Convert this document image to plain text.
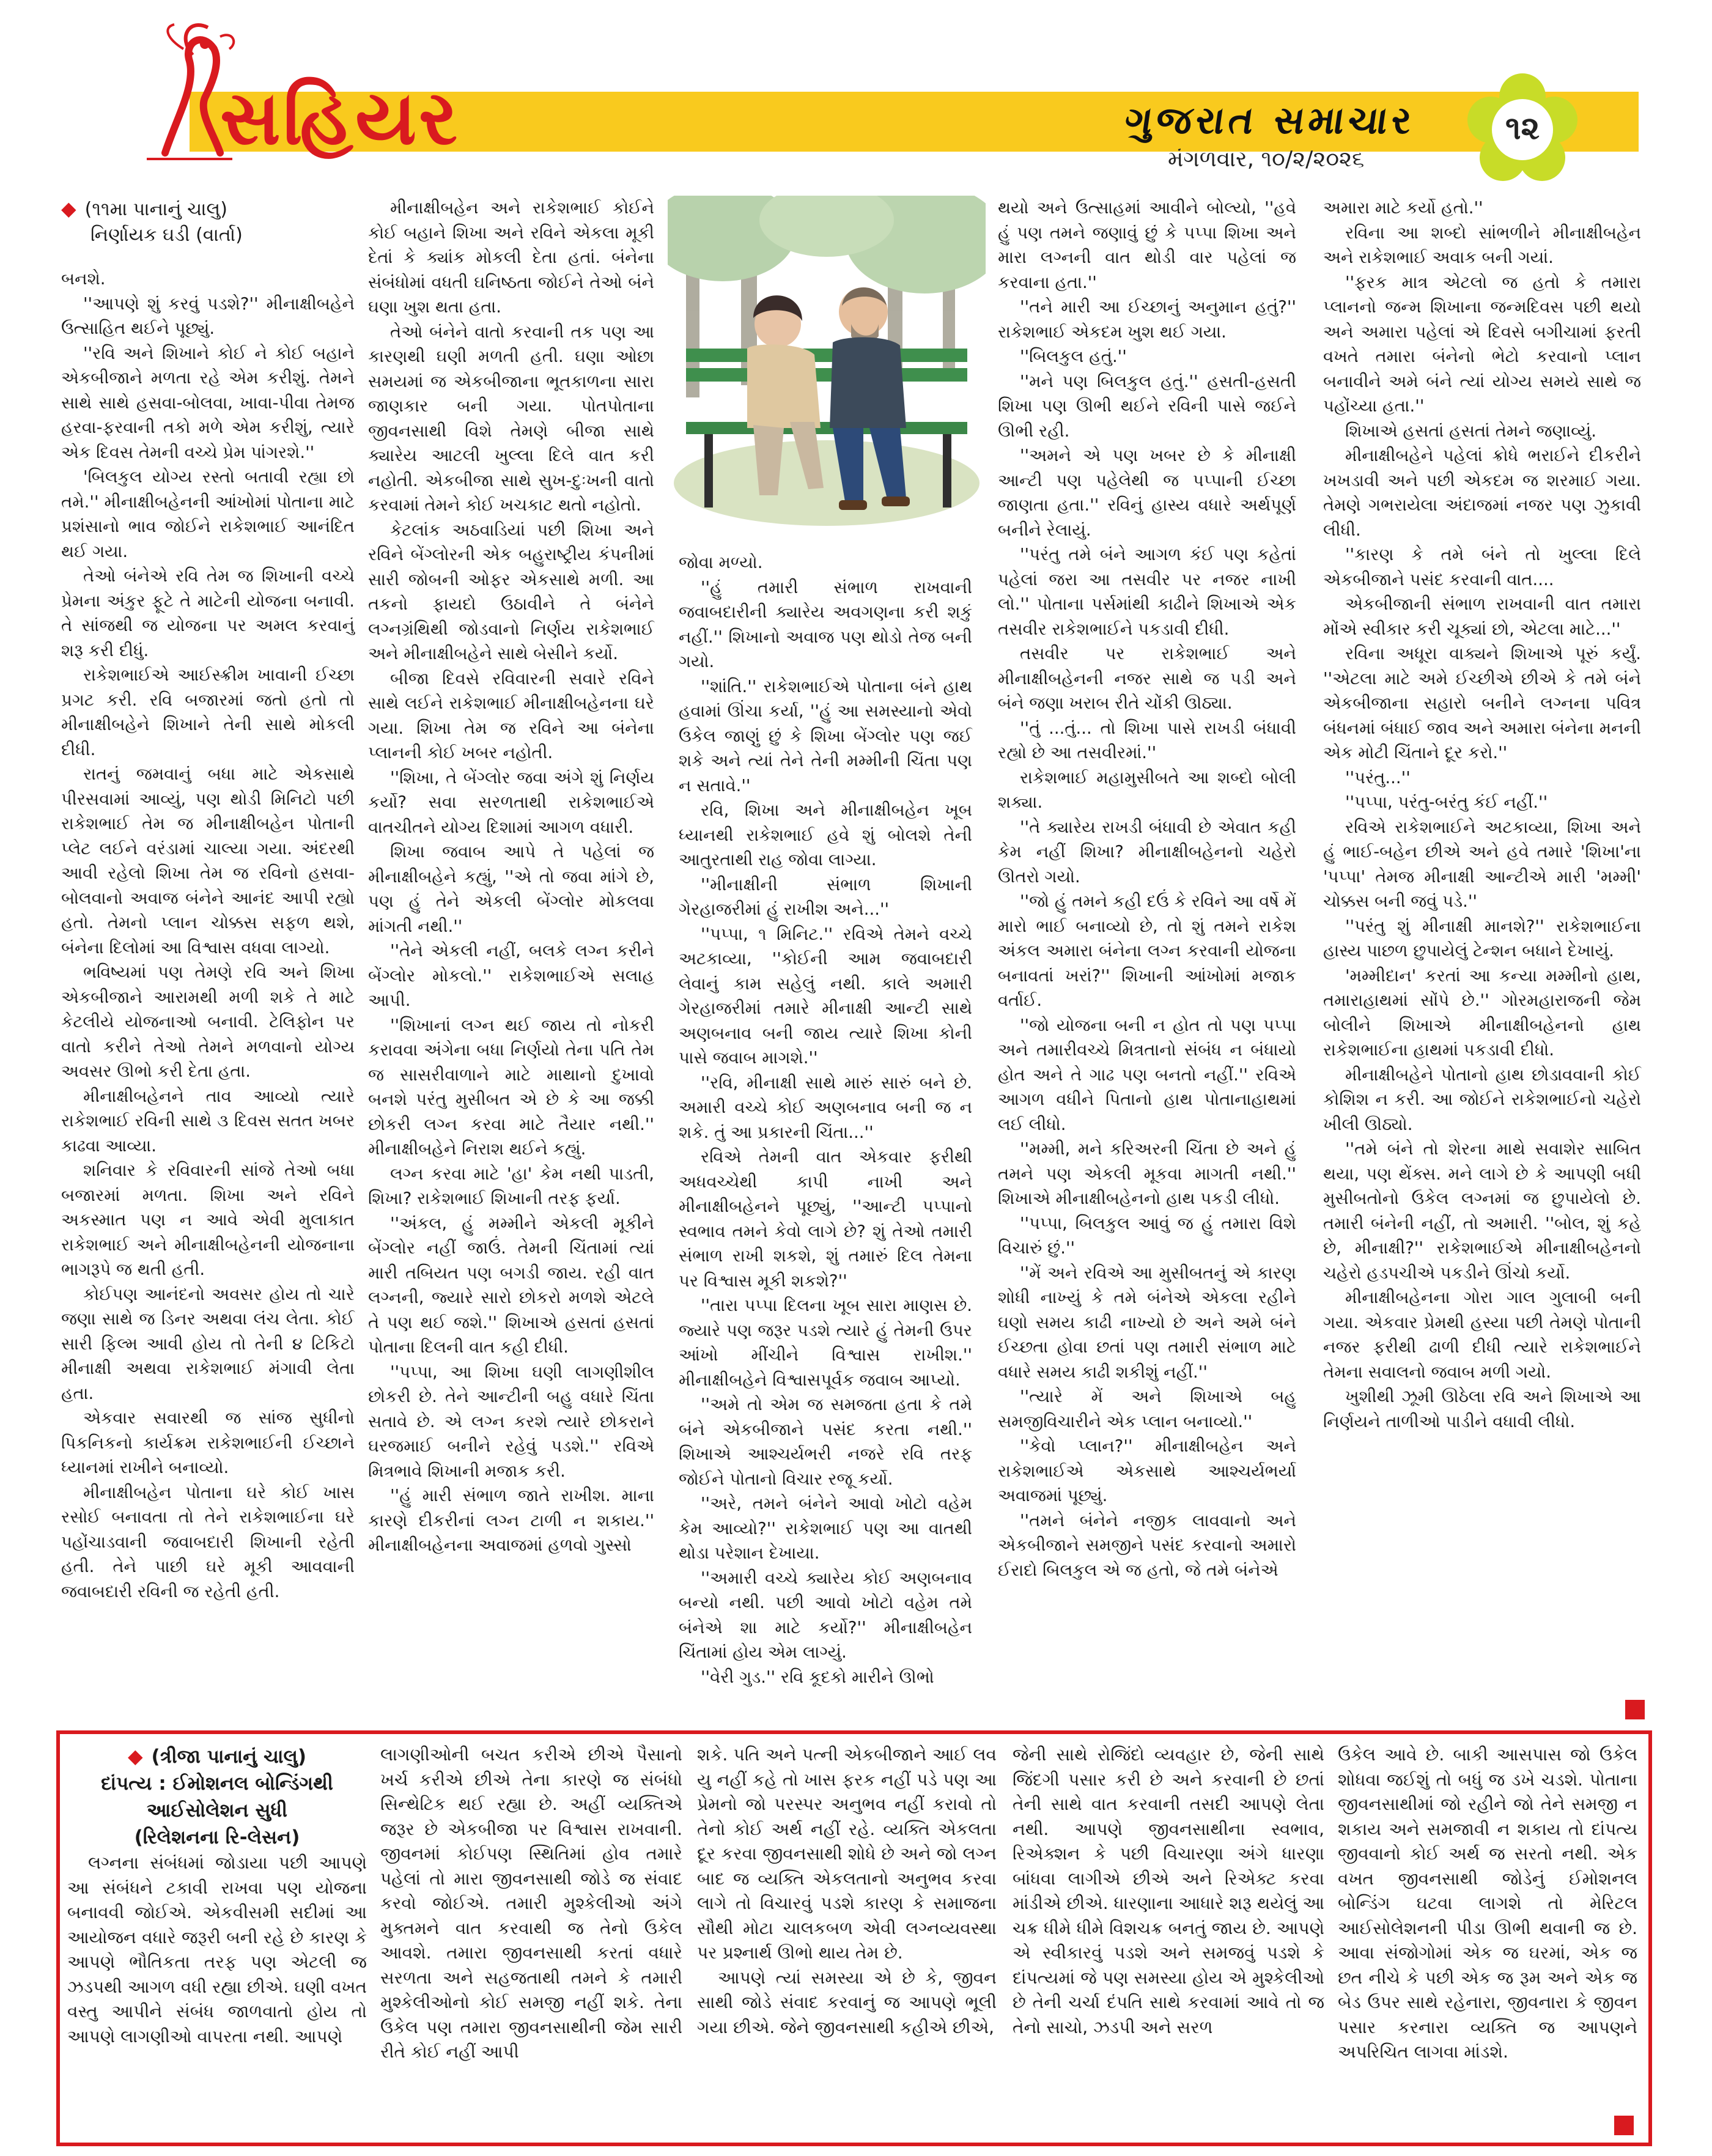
સહિયર	ગુજરાત સમાચાર
મંગળવાર, ૧૦/૨/૨૦૨૬
૧૨

◆ (૧૧મા પાનાનું ચાલુ)
નિર્ણાયક ઘડી (વાર્તા)

બનશે.

''આપણે શું કરવું પડશે?'' મીનાક્ષીબહેને ઉત્સાહિત થઈને પૂછ્યું.

''રવિ અને શિખાને કોઈ ને કોઈ બહાને એકબીજાને મળતા રહે એમ કરીશું. તેમને સાથે સાથે હસવા-બોલવા, ખાવા-પીવા તેમજ હરવા-ફરવાની તકો મળે એમ કરીશું, ત્યારે એક દિવસ તેમની વચ્ચે પ્રેમ પાંગરશે.''

'બિલકુલ યોગ્ય રસ્તો બતાવી રહ્યા છો તમે.'' મીનાક્ષીબહેનની આંખોમાં પોતાના માટે પ્રશંસાનો ભાવ જોઈને રાકેશભાઈ આનંદિત થઈ ગયા.

તેઓ બંનેએ રવિ તેમ જ શિખાની વચ્ચે પ્રેમના અંકુર ફૂટે તે માટેની યોજના બનાવી. તે સાંજથી જ યોજના પર અમલ કરવાનું શરૂ કરી દીધું.

રાકેશભાઈએ આઈસ્ક્રીમ ખાવાની ઈચ્છા પ્રગટ કરી. રવિ બજારમાં જતો હતો તો મીનાક્ષીબહેને શિખાને તેની સાથે મોકલી દીધી.

રાતનું જમવાનું બધા માટે એકસાથે પીરસવામાં આવ્યું, પણ થોડી મિનિટો પછી રાકેશભાઈ તેમ જ મીનાક્ષીબહેન પોતાની પ્લેટ લઈને વરંડામાં ચાલ્યા ગયા. અંદરથી આવી રહેલો શિખા તેમ જ રવિનો હસવા-બોલવાનો અવાજ બંનેને આનંદ આપી રહ્યો હતો. તેમનો પ્લાન ચોક્કસ સફળ થશે, બંનેના દિલોમાં આ વિશ્વાસ વધવા લાગ્યો.

ભવિષ્યમાં પણ તેમણે રવિ અને શિખા એકબીજાને આરામથી મળી શકે તે માટે કેટલીયે યોજનાઓ બનાવી. ટેલિફોન પર વાતો કરીને તેઓ તેમને મળવાનો યોગ્ય અવસર ઊભો કરી દેતા હતા.

મીનાક્ષીબહેનને તાવ આવ્યો ત્યારે રાકેશભાઈ રવિની સાથે ૩ દિવસ સતત ખબર કાઢવા આવ્યા.

શનિવાર કે રવિવારની સાંજે તેઓ બધા બજારમાં મળતા. શિખા અને રવિને અકસ્માત પણ ન આવે એવી મુલાકાત રાકેશભાઈ અને મીનાક્ષીબહેનની યોજનાના ભાગરૂપે જ થતી હતી.

કોઈપણ આનંદનો અવસર હોય તો ચારે જણા સાથે જ ડિનર અથવા લંચ લેતા. કોઈ સારી ફિલ્મ આવી હોય તો તેની ૪ ટિકિટો મીનાક્ષી અથવા રાકેશભાઈ મંગાવી લેતા હતા.

એકવાર સવારથી જ સાંજ સુધીનો પિકનિકનો કાર્યક્રમ રાકેશભાઈની ઈચ્છાને ધ્યાનમાં રાખીને બનાવ્યો.

મીનાક્ષીબહેન પોતાના ઘરે કોઈ ખાસ રસોઈ બનાવતા તો તેને રાકેશભાઈના ઘરે પહોંચાડવાની જવાબદારી શિખાની રહેતી હતી. તેને પાછી ઘરે મૂકી આવવાની જવાબદારી રવિની જ રહેતી હતી.

મીનાક્ષીબહેન અને રાકેશભાઈ કોઈને કોઈ બહાને શિખા અને રવિને એકલા મૂકી દેતાં કે ક્યાંક મોકલી દેતા હતાં. બંનેના સંબંધોમાં વધતી ઘનિષ્ઠતા જોઈને તેઓ બંને ઘણા ખુશ થતા હતા.

તેઓ બંનેને વાતો કરવાની તક પણ આ કારણથી ઘણી મળતી હતી. ઘણા ઓછા સમયમાં જ એકબીજાના ભૂતકાળના સારા જાણકાર બની ગયા. પોતપોતાના જીવનસાથી વિશે તેમણે બીજા સાથે ક્યારેય આટલી ખુલ્લા દિલે વાત કરી નહોતી. એકબીજા સાથે સુખ-દુઃખની વાતો કરવામાં તેમને કોઈ ખચકાટ થતો નહોતો.

કેટલાંક અઠવાડિયાં પછી શિખા અને રવિને બેંગ્લોરની એક બહુરાષ્ટ્રીય કંપનીમાં સારી જોબની ઓફર એકસાથે મળી. આ તકનો ફાયદો ઉઠાવીને તે બંનેને લગ્નગ્રંથિથી જોડવાનો નિર્ણય રાકેશભાઈ અને મીનાક્ષીબહેને સાથે બેસીને કર્યો.

બીજા દિવસે રવિવારની સવારે રવિને સાથે લઈને રાકેશભાઈ મીનાક્ષીબહેનના ઘરે ગયા. શિખા તેમ જ રવિને આ બંનેના પ્લાનની કોઈ ખબર નહોતી.

''શિખા, તે બેંગ્લોર જવા અંગે શું નિર્ણય કર્યો? સવા સરળતાથી રાકેશભાઈએ વાતચીતને યોગ્ય દિશામાં આગળ વધારી.

શિખા જવાબ આપે તે પહેલાં જ મીનાક્ષીબહેને કહ્યું, ''એ તો જવા માંગે છે, પણ હું તેને એકલી બેંગ્લોર મોકલવા માંગતી નથી.''

''તેને એકલી નહીં, બલકે લગ્ન કરીને બેંગ્લોર મોકલો.'' રાકેશભાઈએ સલાહ આપી.

''શિખાનાં લગ્ન થઈ જાય તો નોકરી કરાવવા અંગેના બધા નિર્ણયો તેના પતિ તેમ જ સાસરીવાળાને માટે માથાનો દુખાવો બનશે પરંતુ મુસીબત એ છે કે આ જક્કી છોકરી લગ્ન કરવા માટે તૈયાર નથી.'' મીનાક્ષીબહેને નિરાશ થઈને કહ્યું.

લગ્ન કરવા માટે 'હા' કેમ નથી પાડતી, શિખા? રાકેશભાઈ શિખાની તરફ ફર્યા.

''અંકલ, હું મમ્મીને એકલી મૂકીને બેંગ્લોર નહીં જાઉં. તેમની ચિંતામાં ત્યાં મારી તબિયત પણ બગડી જાય. રહી વાત લગ્નની, જ્યારે સારો છોકરો મળશે એટલે તે પણ થઈ જશે.'' શિખાએ હસતાં હસતાં પોતાના દિલની વાત કહી દીધી.

''પપ્પા, આ શિખા ઘણી લાગણીશીલ છોકરી છે. તેને આન્ટીની બહુ વધારે ચિંતા સતાવે છે. એ લગ્ન કરશે ત્યારે છોકરાને ઘરજમાઈ બનીને રહેવું પડશે.'' રવિએ મિત્રભાવે શિખાની મજાક કરી.

''હું મારી સંભાળ જાતે રાખીશ. માના કારણે દીકરીનાં લગ્ન ટાળી ન શકાય.'' મીનાક્ષીબહેનના અવાજમાં હળવો ગુસ્સો

જોવા મળ્યો.

''હું તમારી સંભાળ રાખવાની જવાબદારીની ક્યારેય અવગણના કરી શકું નહીં.'' શિખાનો અવાજ પણ થોડો તેજ બની ગયો.

''શાંતિ.'' રાકેશભાઈએ પોતાના બંને હાથ હવામાં ઊંચા કર્યા, ''હું આ સમસ્યાનો એવો ઉકેલ જાણું છું કે શિખા બેંગ્લોર પણ જઈ શકે અને ત્યાં તેને તેની મમ્મીની ચિંતા પણ ન સતાવે.''

રવિ, શિખા અને મીનાક્ષીબહેન ખૂબ ધ્યાનથી રાકેશભાઈ હવે શું બોલશે તેની આતુરતાથી રાહ જોવા લાગ્યા.

''મીનાક્ષીની સંભાળ શિખાની ગેરહાજરીમાં હું રાખીશ અને...''

''પપ્પા, ૧ મિનિટ.'' રવિએ તેમને વચ્ચે અટકાવ્યા, ''કોઈની આમ જવાબદારી લેવાનું કામ સહેલું નથી. કાલે અમારી ગેરહાજરીમાં તમારે મીનાક્ષી આન્ટી સાથે અણબનાવ બની જાય ત્યારે શિખા કોની પાસે જવાબ માગશે.''

''રવિ, મીનાક્ષી સાથે મારું સારું બને છે. અમારી વચ્ચે કોઈ અણબનાવ બની જ ન શકે. તું આ પ્રકારની ચિંતા...''

રવિએ તેમની વાત એકવાર ફરીથી અધવચ્ચેથી કાપી નાખી અને મીનાક્ષીબહેનને પૂછ્યું, ''આન્ટી પપ્પાનો સ્વભાવ તમને કેવો લાગે છે? શું તેઓ તમારી સંભાળ રાખી શકશે, શું તમારું દિલ તેમના પર વિશ્વાસ મૂકી શકશે?''

''તારા પપ્પા દિલના ખૂબ સારા માણસ છે. જ્યારે પણ જરૂર પડશે ત્યારે હું તેમની ઉપર આંખો મીંચીને વિશ્વાસ રાખીશ.'' મીનાક્ષીબહેને વિશ્વાસપૂર્વક જવાબ આપ્યો.

''અમે તો એમ જ સમજતા હતા કે તમે બંને એકબીજાને પસંદ કરતા નથી.'' શિખાએ આશ્ચર્યભરી નજરે રવિ તરફ જોઈને પોતાનો વિચાર રજૂ કર્યો.

''અરે, તમને બંનેને આવો ખોટો વહેમ કેમ આવ્યો?'' રાકેશભાઈ પણ આ વાતથી થોડા પરેશાન દેખાયા.

''અમારી વચ્ચે ક્યારેય કોઈ અણબનાવ બન્યો નથી. પછી આવો ખોટો વહેમ તમે બંનેએ શા માટે કર્યો?'' મીનાક્ષીબહેન ચિંતામાં હોય એમ લાગ્યું.

''વેરી ગુડ.'' રવિ કૂદકો મારીને ઊભો

થયો અને ઉત્સાહમાં આવીને બોલ્યો, ''હવે હું પણ તમને જણાવું છું કે પપ્પા શિખા અને મારા લગ્નની વાત થોડી વાર પહેલાં જ કરવાના હતા.''

''તને મારી આ ઈચ્છાનું અનુમાન હતું?'' રાકેશભાઈ એકદમ ખુશ થઈ ગયા.

''બિલકુલ હતું.''

''મને પણ બિલકુલ હતું.'' હસતી-હસતી શિખા પણ ઊભી થઈને રવિની પાસે જઈને ઊભી રહી.

''અમને એ પણ ખબર છે કે મીનાક્ષી આન્ટી પણ પહેલેથી જ પપ્પાની ઈચ્છા જાણતા હતા.'' રવિનું હાસ્ય વધારે અર્થપૂર્ણ બનીને રેલાયું.

''પરંતુ તમે બંને આગળ કંઈ પણ કહેતાં પહેલાં જરા આ તસવીર પર નજર નાખી લો.'' પોતાના પર્સમાંથી કાઢીને શિખાએ એક તસવીર રાકેશભાઈને પકડાવી દીધી.

તસવીર પર રાકેશભાઈ અને મીનાક્ષીબહેનની નજર સાથે જ પડી અને બંને જણા ખરાબ રીતે ચોંકી ઊઠ્યા.

''તું ...તું... તો શિખા પાસે રાખડી બંધાવી રહ્યો છે આ તસવીરમાં.''

રાકેશભાઈ મહામુસીબતે આ શબ્દો બોલી શક્યા.

''તે ક્યારેય રાખડી બંધાવી છે એવાત કહી કેમ નહીં શિખા? મીનાક્ષીબહેનનો ચહેરો ઊતરો ગયો.

''જો હું તમને કહી દઉં કે રવિને આ વર્ષે મેં મારો ભાઈ બનાવ્યો છે, તો શું તમને રાકેશ અંકલ અમારા બંનેના લગ્ન કરવાની યોજના બનાવતાં ખરાં?'' શિખાની આંખોમાં મજાક વર્તાઈ.

''જો યોજના બની ન હોત તો પણ પપ્પા અને તમારીવચ્ચે મિત્રતાનો સંબંધ ન બંધાયો હોત અને તે ગાઢ પણ બનતો નહીં.'' રવિએ આગળ વધીને પિતાનો હાથ પોતાનાહાથમાં લઈ લીધો.

''મમ્મી, મને કરિઅરની ચિંતા છે અને હું તમને પણ એકલી મૂકવા માગતી નથી.'' શિખાએ મીનાક્ષીબહેનનો હાથ પકડી લીધો.

''પપ્પા, બિલકુલ આવું જ હું તમારા વિશે વિચારું છું.''

''મેં અને રવિએ આ મુસીબતનું એ કારણ શોધી નાખ્યું કે તમે બંનેએ એકલા રહીને ઘણો સમય કાઢી નાખ્યો છે અને અમે બંને ઈચ્છતા હોવા છતાં પણ તમારી સંભાળ માટે વધારે સમય કાઢી શકીશું નહીં.''

''ત્યારે મેં અને શિખાએ બહુ સમજીવિચારીને એક પ્લાન બનાવ્યો.''

''કેવો પ્લાન?'' મીનાક્ષીબહેન અને રાકેશભાઈએ એકસાથે આશ્ચર્યભર્યા અવાજમાં પૂછ્યું.

''તમને બંનેને નજીક લાવવાનો અને એકબીજાને સમજીને પસંદ કરવાનો અમારો ઈરાદો બિલકુલ એ જ હતો, જે તમે બંનેએ

અમારા માટે કર્યો હતો.''

રવિના આ શબ્દો સાંભળીને મીનાક્ષીબહેન અને રાકેશભાઈ અવાક બની ગયાં.

''ફરક માત્ર એટલો જ હતો કે તમારા પ્લાનનો જન્મ શિખાના જન્મદિવસ પછી થયો અને અમારા પહેલાં એ દિવસે બગીચામાં ફરતી વખતે તમારા બંનેનો ભેટો કરવાનો પ્લાન બનાવીને અમે બંને ત્યાં યોગ્ય સમયે સાથે જ પહોંચ્યા હતા.''

શિખાએ હસતાં હસતાં તેમને જણાવ્યું.

મીનાક્ષીબહેને પહેલાં ક્રોધે ભરાઈને દીકરીને ખખડાવી અને પછી એકદમ જ શરમાઈ ગયા. તેમણે ગભરાયેલા અંદાજમાં નજર પણ ઝુકાવી લીધી.

''કારણ કે તમે બંને તો ખુલ્લા દિલે એકબીજાને પસંદ કરવાની વાત....

એકબીજાની સંભાળ રાખવાની વાત તમારા મોંએ સ્વીકાર કરી ચૂક્યાં છો, એટલા માટે...''

રવિના અધૂરા વાક્યને શિખાએ પૂરું કર્યું. ''એટલા માટે અમે ઈચ્છીએ છીએ કે તમે બંને એકબીજાના સહારો બનીને લગ્નના પવિત્ર બંધનમાં બંધાઈ જાવ અને અમારા બંનેના મનની એક મોટી ચિંતાને દૂર કરો.''

''પરંતુ...''

''પપ્પા, પરંતુ-બરંતુ કંઈ નહીં.''

રવિએ રાકેશભાઈને અટકાવ્યા, શિખા અને હું ભાઈ-બહેન છીએ અને હવે તમારે 'શિખા'ના 'પપ્પા' તેમજ મીનાક્ષી આન્ટીએ મારી 'મમ્મી' ચોક્કસ બની જવું પડે.''

''પરંતુ શું મીનાક્ષી માનશે?'' રાકેશભાઈના હાસ્ય પાછળ છુપાયેલું ટેન્શન બધાને દેખાયું.

'મમ્મીદાન' કરતાં આ કન્યા મમ્મીનો હાથ, તમારાહાથમાં સોંપે છે.'' ગોરમહારાજની જેમ બોલીને શિખાએ મીનાક્ષીબહેનનો હાથ રાકેશભાઈના હાથમાં પકડાવી દીધો.

મીનાક્ષીબહેને પોતાનો હાથ છોડાવવાની કોઈ કોશિશ ન કરી. આ જોઈને રાકેશભાઈનો ચહેરો ખીલી ઊઠ્યો.

''તમે બંને તો શેરના માથે સવાશેર સાબિત થયા, પણ થેંક્સ. મને લાગે છે કે આપણી બધી મુસીબતોનો ઉકેલ લગ્નમાં જ છુપાયેલો છે. તમારી બંનેની નહીં, તો અમારી. ''બોલ, શું કહે છે, મીનાક્ષી?'' રાકેશભાઈએ મીનાક્ષીબહેનનો ચહેરો હડપચીએ પકડીને ઊંચો કર્યો.

મીનાક્ષીબહેનના ગોરા ગાલ ગુલાબી બની ગયા. એકવાર પ્રેમથી હસ્યા પછી તેમણે પોતાની નજર ફરીથી ઢાળી દીધી ત્યારે રાકેશભાઈને તેમના સવાલનો જવાબ મળી ગયો.

ખુશીથી ઝૂમી ઊઠેલા રવિ અને શિખાએ આ નિર્ણયને તાળીઓ પાડીને વધાવી લીધો.

◆ (ત્રીજા પાનાનું ચાલુ)
દાંપત્ય : ઈમોશનલ બોન્ડિંગથી
આઈસોલેશન સુધી
(રિલેશનના રિ-લેસન)

લગ્નના સંબંધમાં જોડાયા પછી આપણે આ સંબંધને ટકાવી રાખવા પણ યોજના બનાવવી જોઈએ. એકવીસમી સદીમાં આ આયોજન વધારે જરૂરી બની રહે છે કારણ કે આપણે ભૌતિકતા તરફ પણ એટલી જ ઝડપથી આગળ વધી રહ્યા છીએ. ઘણી વખત વસ્તુ આપીને સંબંધ જાળવાતો હોય તો આપણે લાગણીઓ વાપરતા નથી. આપણે

લાગણીઓની બચત કરીએ છીએ પૈસાનો ખર્ચ કરીએ છીએ તેના કારણે જ સંબંધો સિન્થેટિક થઈ રહ્યા છે. અહીં વ્યક્તિએ જરૂર છે એકબીજા પર વિશ્વાસ રાખવાની. જીવનમાં કોઈપણ સ્થિતિમાં હોવ તમારે પહેલાં તો મારા જીવનસાથી જોડે જ સંવાદ કરવો જોઈએ. તમારી મુશ્કેલીઓ અંગે મુક્તમને વાત કરવાથી જ તેનો ઉકેલ આવશે. તમારા જીવનસાથી કરતાં વધારે સરળતા અને સહજતાથી તમને કે તમારી મુશ્કેલીઓનો કોઈ સમજી નહીં શકે. તેના ઉકેલ પણ તમારા જીવનસાથીની જેમ સારી રીતે કોઈ નહીં આપી

શકે. પતિ અને પત્ની એકબીજાને આઈ લવ યુ નહીં કહે તો ખાસ ફરક નહીં પડે પણ આ પ્રેમનો જો પરસ્પર અનુભવ નહીં કરાવો તો તેનો કોઈ અર્થ નહીં રહે. વ્યક્તિ એકલતા દૂર કરવા જીવનસાથી શોધે છે અને જો લગ્ન બાદ જ વ્યક્તિ એકલતાનો અનુભવ કરવા લાગે તો વિચારવું પડશે કારણ કે સમાજના સૌથી મોટા ચાલકબળ એવી લગ્નવ્યવસ્થા પર પ્રશ્નાર્થ ઊભો થાય તેમ છે.

આપણે ત્યાં સમસ્યા એ છે કે, જીવન સાથી જોડે સંવાદ કરવાનું જ આપણે ભૂલી ગયા છીએ. જેને જીવનસાથી કહીએ છીએ,

જેની સાથે રોજિંદો વ્યવહાર છે, જેની સાથે જિંદગી પસાર કરી છે અને કરવાની છે છતાં તેની સાથે વાત કરવાની તસદી આપણે લેતા નથી. આપણે જીવનસાથીના સ્વભાવ, રિએક્શન કે પછી વિચારણા અંગે ધારણા બાંધવા લાગીએ છીએ અને રિએક્ટ કરવા માંડીએ છીએ. ધારણાના આધારે શરૂ થયેલું આ ચક્ર ધીમે ધીમે વિશચક્ર બનતું જાય છે. આપણે એ સ્વીકારવું પડશે અને સમજવું પડશે કે દાંપત્યમાં જે પણ સમસ્યા હોય એ મુશ્કેલીઓ છે તેની ચર્ચા દંપતિ સાથે કરવામાં આવે તો જ તેનો સાચો, ઝડપી અને સરળ

ઉકેલ આવે છે. બાકી આસપાસ જો ઉકેલ શોધવા જઈશું તો બધું જ ડખે ચડશે. પોતાના જીવનસાથીમાં જો રહીને જો તેને સમજી ન શકાય અને સમજાવી ન શકાય તો દાંપત્ય જીવવાનો કોઈ અર્થ જ સરતો નથી. એક વખત જીવનસાથી જોડેનું ઈમોશનલ બોન્ડિંગ ઘટવા લાગશે તો મેરિટલ આઈસોલેશનની પીડા ઊભી થવાની જ છે. આવા સંજોગોમાં એક જ ઘરમાં, એક જ છત નીચે કે પછી એક જ રૂમ અને એક જ બેડ ઉપર સાથે રહેનારા, જીવનારા કે જીવન પસાર કરનારા વ્યક્તિ જ આપણને અપરિચિત લાગવા માંડશે.
